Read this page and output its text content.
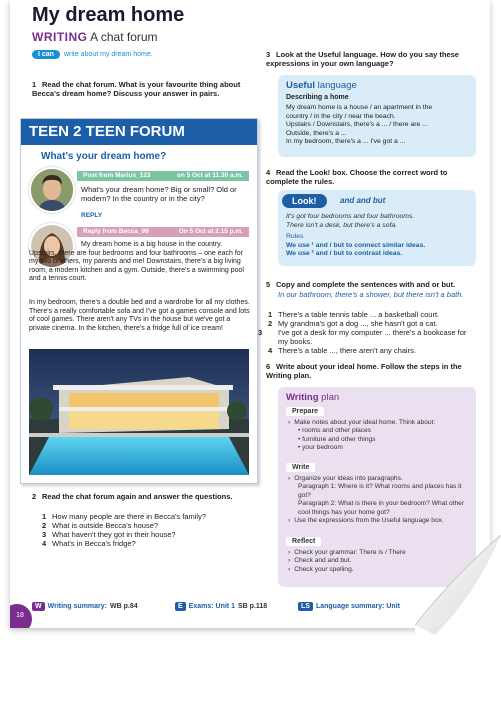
My dream home
WRITING A chat forum
I can	write about my dream home.
1 Read the chat forum. What is your favourite thing about Becca's dream home? Discuss your answer in pairs.
TEEN 2 TEEN FORUM
What's your dream home?
Post from Marius_123	on 5 Oct at 11.30 a.m.
What's your dream home? Big or small? Old or modern? In the country or in the city?
REPLY
Reply from Becca_99	On 5 Oct at 2.15 p.m.
My dream home is a big house in the country. Upstairs, there are four bedrooms and four bathrooms – one each for my two brothers, my parents and me! Downstairs, there's a big living room, a modern kitchen and a gym. Outside, there's a swimming pool and a tennis court.
In my bedroom, there's a double bed and a wardrobe for all my clothes. There's a really comfortable sofa and I've got a games console and lots of cool games. There aren't any TVs in the house but we've got a private cinema. In the kitchen, there's a fridge full of ice cream!
2 Read the chat forum again and answer the questions.
1 How many people are there in Becca's family?
2 What is outside Becca's house?
3 What haven't they got in their house?
4 What's in Becca's fridge?
3 Look at the Useful language. How do you say these expressions in your own language?
Useful language
Describing a home
My dream home is a house / an apartment in the
country / in the city / near the beach.
Upstairs / Downstairs, there's a ... / there are ...
Outside, there's a ...
In my bedroom, there's a ... I've got a ...
4 Read the Look! box. Choose the correct word to complete the rules.
Look!	and and but
It's got four bedrooms and four bathrooms.
There isn't a desk, but there's a sofa.
Rules
We use ¹ and / but to connect similar ideas.
We use ² and / but to contrast ideas.
5 Copy and complete the sentences with and or but.
In our bathroom, there's a shower, but there isn't a bath.
1 There's a table tennis table ... a basketball court.
2 My grandma's got a dog ..., she hasn't got a cat.
3 I've got a desk for my computer ... there's a bookcase for my books.
4 There's a table ..., there aren't any chairs.
6 Write about your ideal home. Follow the steps in the Writing plan.
Writing plan
Prepare
› Make notes about your ideal home. Think about:
• rooms and other places
• furniture and other things
• your bedroom
Write
› Organize your ideas into paragraphs.
Paragraph 1: Where is it? What rooms and places has it got?
Paragraph 2: What is there in your bedroom? What other cool things has your home got?
› Use the expressions from the Useful language box.
Reflect
› Check your grammar: There is / There
› Check and and but.
› Check your spelling.
18
W Writing summary: WB p.84	E Exams: Unit 1 SB p.118	LS Language summary: Unit
